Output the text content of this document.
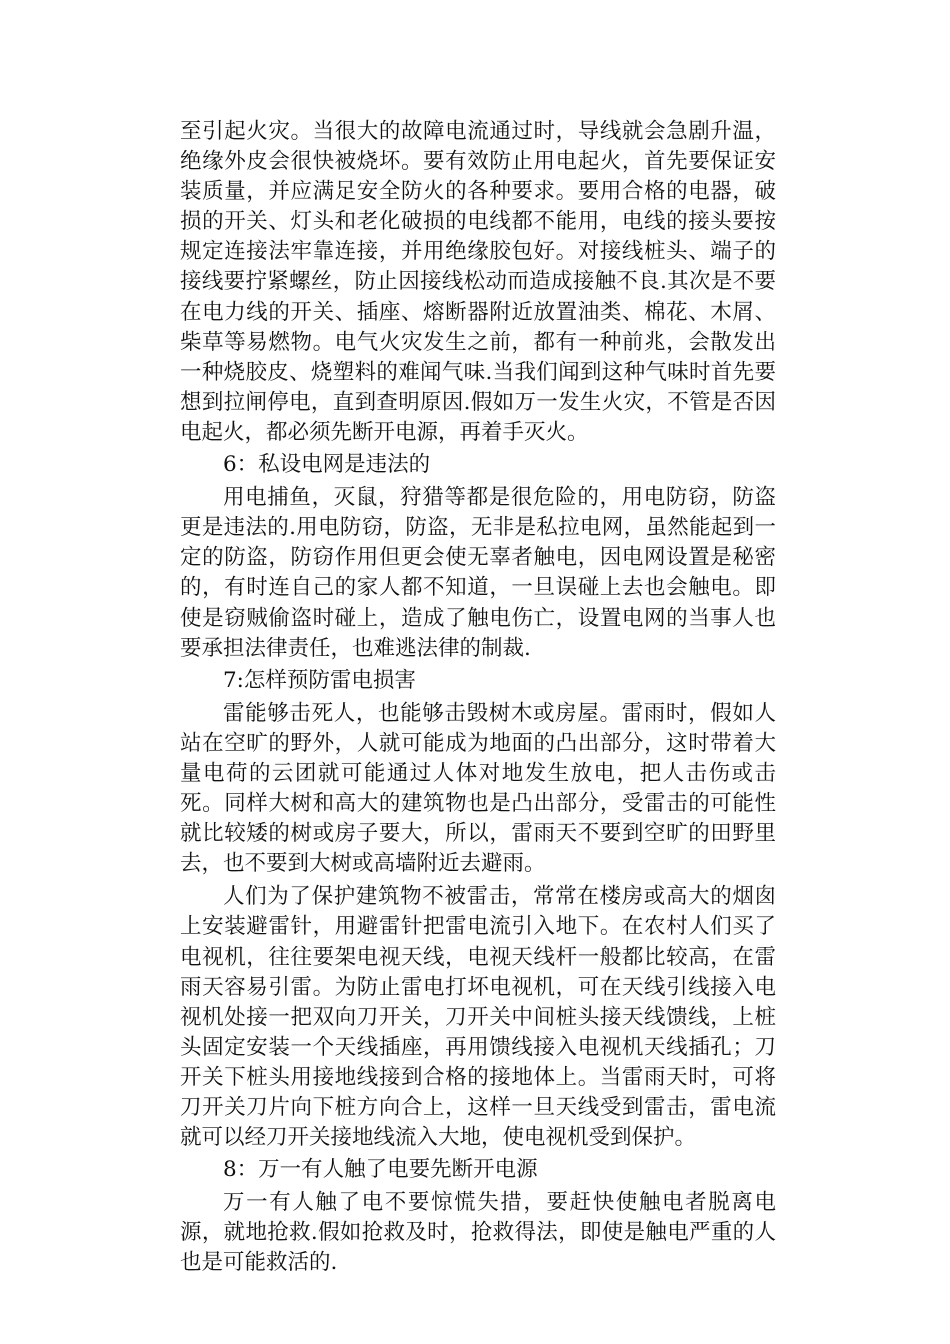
至引起火灾。当很大的故障电流通过时，导线就会急剧升温，绝缘外皮会很快被烧坏。要有效防止用电起火，首先要保证安装质量，并应满足安全防火的各种要求。要用合格的电器，破损的开关、灯头和老化破损的电线都不能用，电线的接头要按规定连接法牢靠连接，并用绝缘胶包好。对接线桩头、端子的接线要拧紧螺丝，防止因接线松动而造成接触不良.其次是不要在电力线的开关、插座、熔断器附近放置油类、棉花、木屑、柴草等易燃物。电气火灾发生之前，都有一种前兆，会散发出一种烧胶皮、烧塑料的难闻气味.当我们闻到这种气味时首先要想到拉闸停电，直到查明原因.假如万一发生火灾，不管是否因电起火，都必须先断开电源，再着手灭火。

6：私设电网是违法的

用电捕鱼，灭鼠，狩猎等都是很危险的，用电防窃，防盗更是违法的.用电防窃，防盗，无非是私拉电网，虽然能起到一定的防盗，防窃作用但更会使无辜者触电，因电网设置是秘密的，有时连自己的家人都不知道，一旦误碰上去也会触电。即使是窃贼偷盗时碰上，造成了触电伤亡，设置电网的当事人也要承担法律责任，也难逃法律的制裁.

7:怎样预防雷电损害

雷能够击死人，也能够击毁树木或房屋。雷雨时，假如人站在空旷的野外，人就可能成为地面的凸出部分，这时带着大量电荷的云团就可能通过人体对地发生放电，把人击伤或击死。同样大树和高大的建筑物也是凸出部分，受雷击的可能性就比较矮的树或房子要大，所以，雷雨天不要到空旷的田野里去，也不要到大树或高墙附近去避雨。

人们为了保护建筑物不被雷击，常常在楼房或高大的烟囱上安装避雷针，用避雷针把雷电流引入地下。在农村人们买了电视机，往往要架电视天线，电视天线杆一般都比较高，在雷雨天容易引雷。为防止雷电打坏电视机，可在天线引线接入电视机处接一把双向刀开关，刀开关中间桩头接天线馈线，上桩头固定安装一个天线插座，再用馈线接入电视机天线插孔；刀开关下桩头用接地线接到合格的接地体上。当雷雨天时，可将刀开关刀片向下桩方向合上，这样一旦天线受到雷击，雷电流就可以经刀开关接地线流入大地，使电视机受到保护。

8：万一有人触了电要先断开电源

万一有人触了电不要惊慌失措，要赶快使触电者脱离电源，就地抢救.假如抢救及时，抢救得法，即使是触电严重的人也是可能救活的.
